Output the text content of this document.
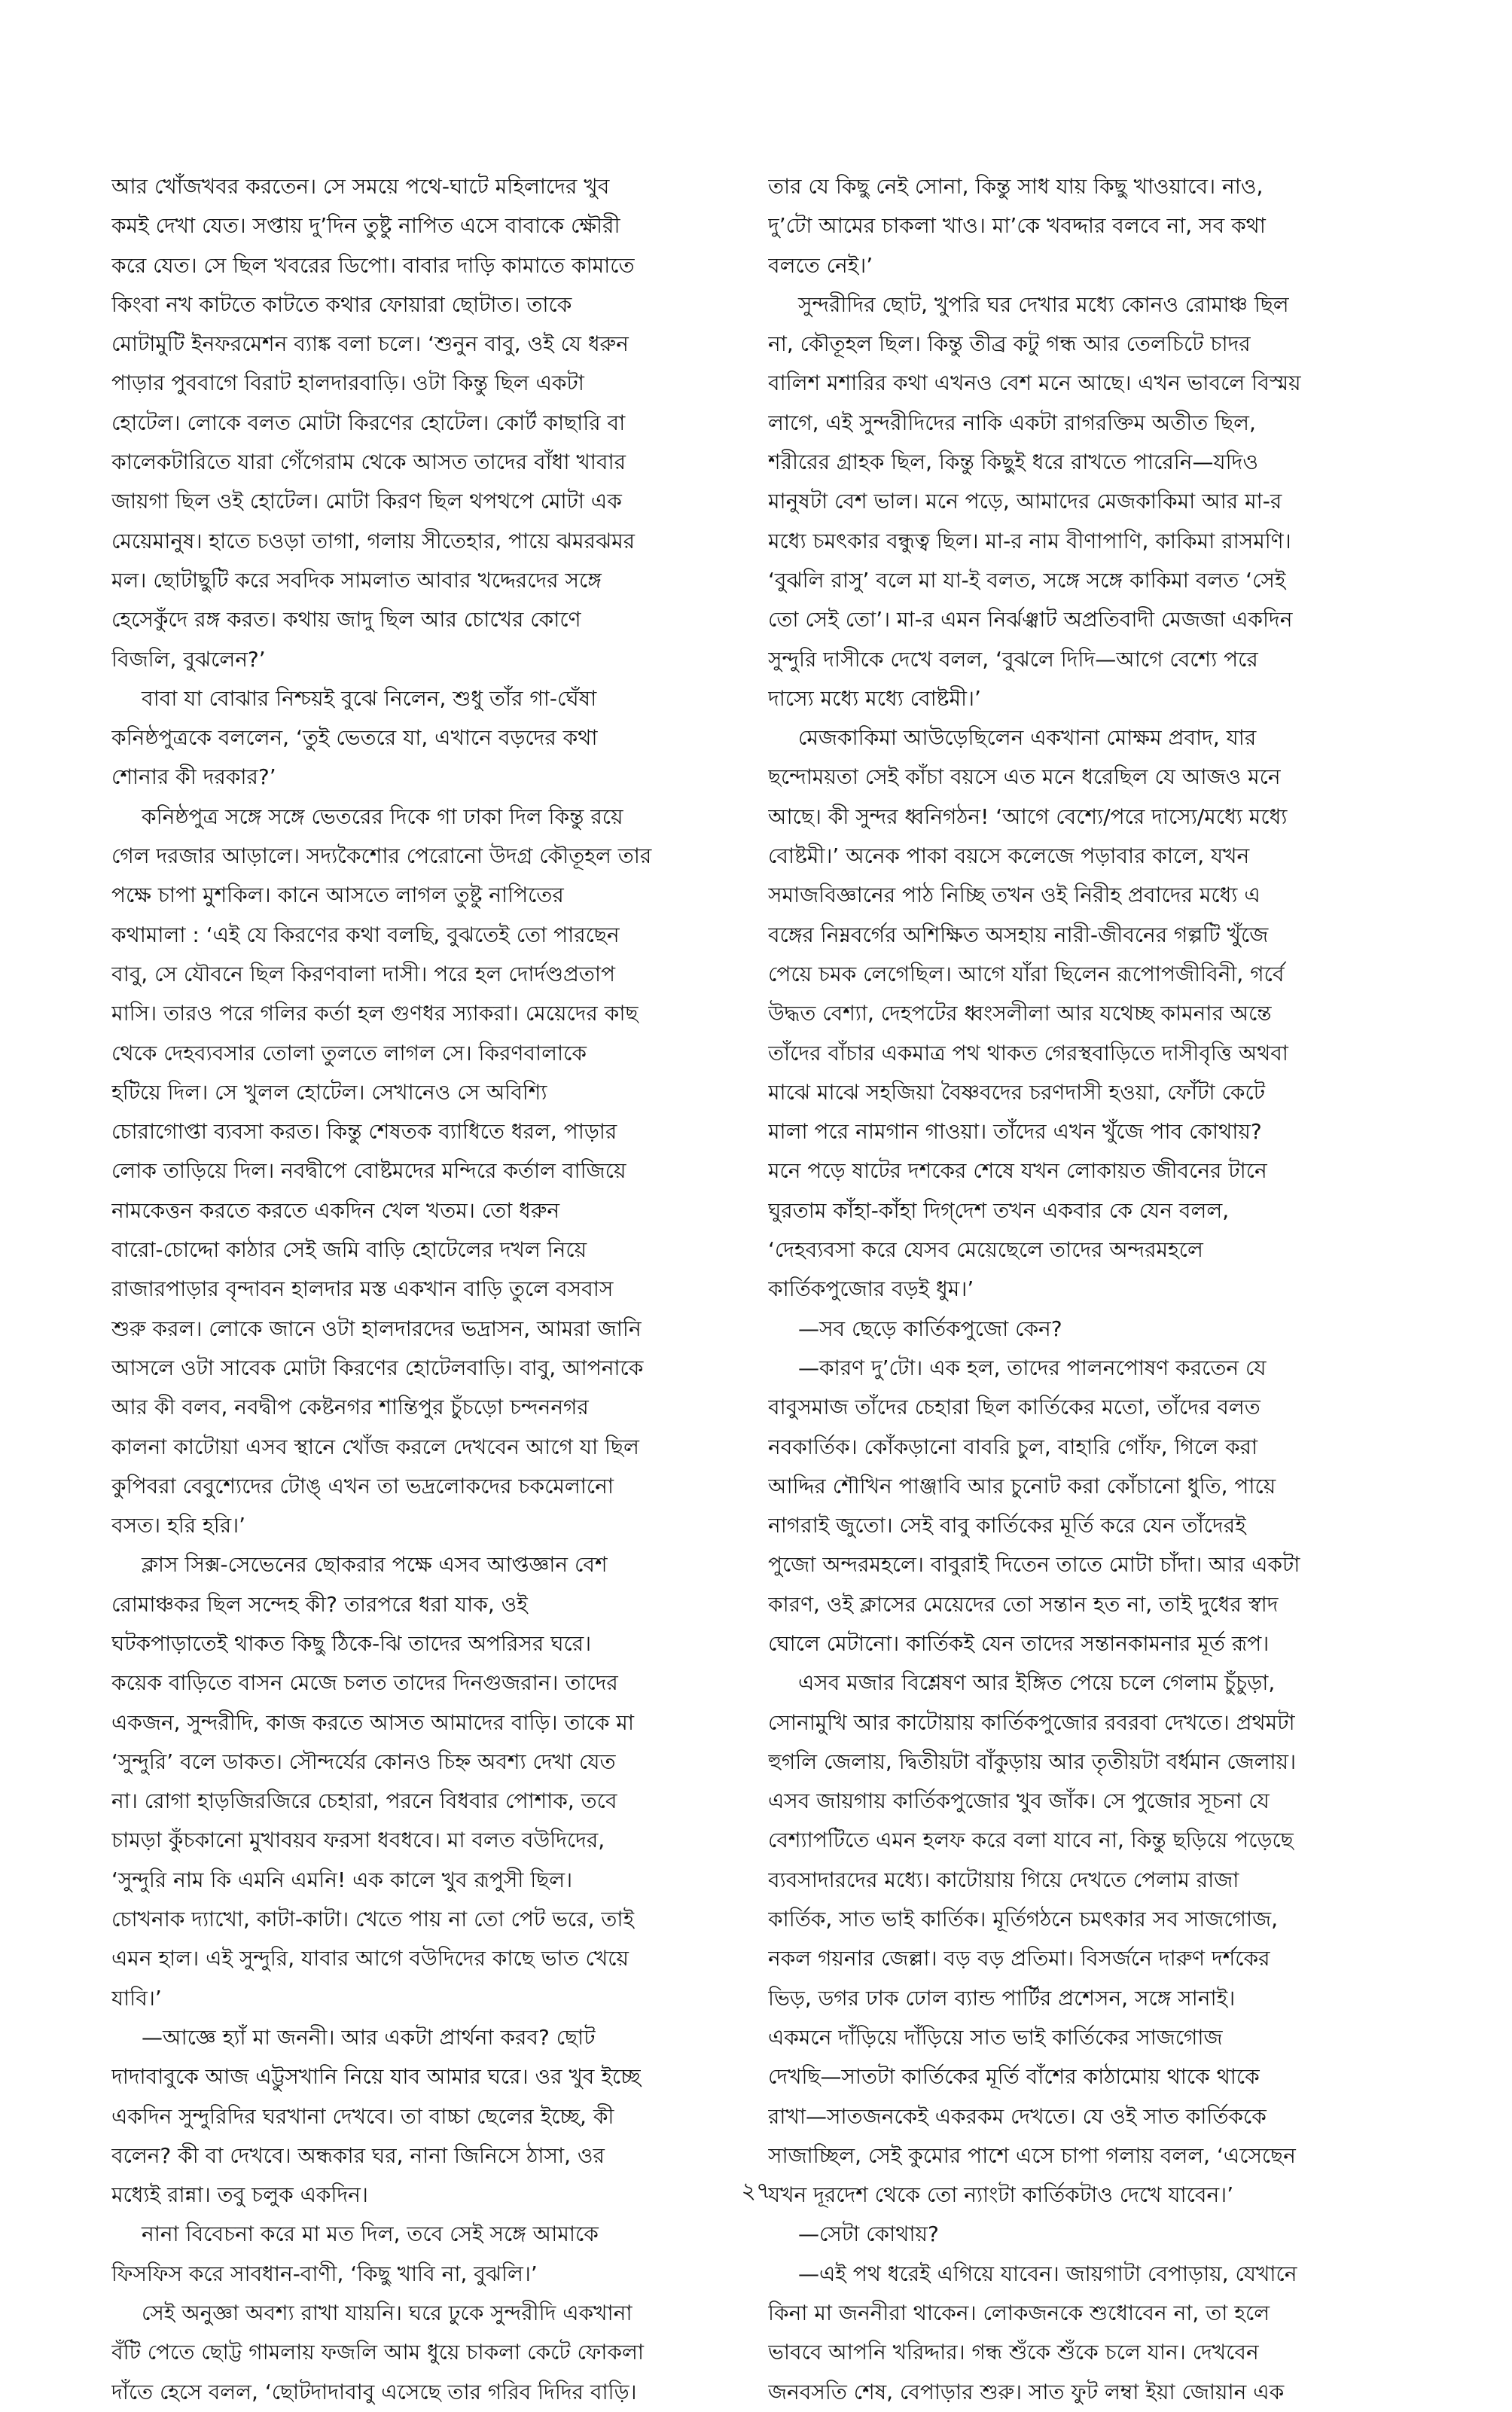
আর খোঁজখবর করতেন। সে সময়ে পথে-ঘাটে মহিলাদের খুব
কমই দেখা যেত। সপ্তায় দু’দিন তুষ্টু নাপিত এসে বাবাকে ক্ষৌরী
করে যেত। সে ছিল খবরের ডিপো। বাবার দাড়ি কামাতে কামাতে
কিংবা নখ কাটতে কাটতে কথার ফোয়ারা ছোটাত। তাকে
মোটামুটি ইনফরমেশন ব্যাঙ্ক বলা চলে। ‘শুনুন বাবু, ওই যে ধরুন
পাড়ার পুববাগে বিরাট হালদারবাড়ি। ওটা কিন্তু ছিল একটা
হোটেল। লোকে বলত মোটা কিরণের হোটেল। কোর্ট কাছারি বা
কালেকটারিতে যারা গেঁগেরাম থেকে আসত তাদের বাঁধা খাবার
জায়গা ছিল ওই হোটেল। মোটা কিরণ ছিল থপথপে মোটা এক
মেয়েমানুষ। হাতে চওড়া তাগা, গলায় সীতেহার, পায়ে ঝমরঝমর
মল। ছোটাছুটি করে সবদিক সামলাত আবার খদ্দেরদের সঙ্গে
হেসেকুঁদে রঙ্গ করত। কথায় জাদু ছিল আর চোখের কোণে
বিজলি, বুঝলেন?’
বাবা যা বোঝার নিশ্চয়ই বুঝে নিলেন, শুধু তাঁর গা-ঘেঁষা
কনিষ্ঠপুত্রকে বললেন, ‘তুই ভেতরে যা, এখানে বড়দের কথা
শোনার কী দরকার?’
কনিষ্ঠপুত্র সঙ্গে সঙ্গে ভেতরের দিকে গা ঢাকা দিল কিন্তু রয়ে
গেল দরজার আড়ালে। সদ্যকৈশোর পেরোনো উদগ্র কৌতূহল তার
পক্ষে চাপা মুশকিল। কানে আসতে লাগল তুষ্টু নাপিতের
কথামালা : ‘এই যে কিরণের কথা বলছি, বুঝতেই তো পারছেন
বাবু, সে যৌবনে ছিল কিরণবালা দাসী। পরে হল দোর্দণ্ডপ্রতাপ
মাসি। তারও পরে গলির কর্তা হল গুণধর স্যাকরা। মেয়েদের কাছ
থেকে দেহব্যবসার তোলা তুলতে লাগল সে। কিরণবালাকে
হটিয়ে দিল। সে খুলল হোটেল। সেখানেও সে অবিশ্যি
চোরাগোপ্তা ব্যবসা করত। কিন্তু শেষতক ব্যাধিতে ধরল, পাড়ার
লোক তাড়িয়ে দিল। নবদ্বীপে বোষ্টমদের মন্দিরে কর্তাল বাজিয়ে
নামকেত্তন করতে করতে একদিন খেল খতম। তো ধরুন
বারো-চোদ্দো কাঠার সেই জমি বাড়ি হোটেলের দখল নিয়ে
রাজারপাড়ার বৃন্দাবন হালদার মস্ত একখান বাড়ি তুলে বসবাস
শুরু করল। লোকে জানে ওটা হালদারদের ভদ্রাসন, আমরা জানি
আসলে ওটা সাবেক মোটা কিরণের হোটেলবাড়ি। বাবু, আপনাকে
আর কী বলব, নবদ্বীপ কেষ্টনগর শান্তিপুর চুঁচড়ো চন্দননগর
কালনা কাটোয়া এসব স্থানে খোঁজ করলে দেখবেন আগে যা ছিল
কুপিবরা বেবুশ্যেদের টোঙ্‌ এখন তা ভদ্রলোকদের চকমেলানো
বসত। হরি হরি।’
ক্লাস সিক্স-সেভেনের ছোকরার পক্ষে এসব আপ্তজ্ঞান বেশ
রোমাঞ্চকর ছিল সন্দেহ কী? তারপরে ধরা যাক, ওই
ঘটকপাড়াতেই থাকত কিছু ঠিকে-ঝি তাদের অপরিসর ঘরে।
কয়েক বাড়িতে বাসন মেজে চলত তাদের দিনগুজরান। তাদের
একজন, সুন্দরীদি, কাজ করতে আসত আমাদের বাড়ি। তাকে মা
‘সুন্দুরি’ বলে ডাকত। সৌন্দর্যের কোনও চিহ্ন অবশ্য দেখা যেত
না। রোগা হাড়জিরজিরে চেহারা, পরনে বিধবার পোশাক, তবে
চামড়া কুঁচকানো মুখাবয়ব ফরসা ধবধবে। মা বলত বউদিদের,
‘সুন্দুরি নাম কি এমনি এমনি! এক কালে খুব রূপুসী ছিল।
চোখনাক দ্যাখো, কাটা-কাটা। খেতে পায় না তো পেট ভরে, তাই
এমন হাল। এই সুন্দুরি, যাবার আগে বউদিদের কাছে ভাত খেয়ে
যাবি।’
—আজ্ঞে হ্যাঁ মা জননী। আর একটা প্রার্থনা করব? ছোট
দাদাবাবুকে আজ এট্টুসখানি নিয়ে যাব আমার ঘরে। ওর খুব ইচ্ছে
একদিন সুন্দুরিদির ঘরখানা দেখবে। তা বাচ্চা ছেলের ইচ্ছে, কী
বলেন? কী বা দেখবে। অন্ধকার ঘর, নানা জিনিসে ঠাসা, ওর
মধ্যেই রান্না। তবু চলুক একদিন।
নানা বিবেচনা করে মা মত দিল, তবে সেই সঙ্গে আমাকে
ফিসফিস করে সাবধান-বাণী, ‘কিছু খাবি না, বুঝলি।’
সেই অনুজ্ঞা অবশ্য রাখা যায়নি। ঘরে ঢুকে সুন্দরীদি একখানা
বঁটি পেতে ছোট্ট গামলায় ফজলি আম ধুয়ে চাকলা কেটে ফোকলা
দাঁতে হেসে বলল, ‘ছোটদাদাবাবু এসেছে তার গরিব দিদির বাড়ি।
তার যে কিছু নেই সোনা, কিন্তু সাধ যায় কিছু খাওয়াবে। নাও,
দু’টো আমের চাকলা খাও। মা’কে খবদ্দার বলবে না, সব কথা
বলতে নেই।’
সুন্দরীদির ছোট, খুপরি ঘর দেখার মধ্যে কোনও রোমাঞ্চ ছিল
না, কৌতূহল ছিল। কিন্তু তীব্র কটু গন্ধ আর তেলচিটে চাদর
বালিশ মশারির কথা এখনও বেশ মনে আছে। এখন ভাবলে বিস্ময়
লাগে, এই সুন্দরীদিদের নাকি একটা রাগরক্তিম অতীত ছিল,
শরীরের গ্রাহক ছিল, কিন্তু কিছুই ধরে রাখতে পারেনি—যদিও
মানুষটা বেশ ভাল। মনে পড়ে, আমাদের মেজকাকিমা আর মা-র
মধ্যে চমৎকার বন্ধুত্ব ছিল। মা-র নাম বীণাপাণি, কাকিমা রাসমণি।
‘বুঝলি রাসু’ বলে মা যা-ই বলত, সঙ্গে সঙ্গে কাকিমা বলত ‘সেই
তো সেই তো’। মা-র এমন নির্ঝঞ্ঝাট অপ্রতিবাদী মেজজা একদিন
সুন্দুরি দাসীকে দেখে বলল, ‘বুঝলে দিদি—আগে বেশ্যে পরে
দাস্যে মধ্যে মধ্যে বোষ্টমী।’
মেজকাকিমা আউড়েছিলেন একখানা মোক্ষম প্রবাদ, যার
ছন্দোময়তা সেই কাঁচা বয়সে এত মনে ধরেছিল যে আজও মনে
আছে। কী সুন্দর ধ্বনিগঠন! ‘আগে বেশ্যে/পরে দাস্যে/মধ্যে মধ্যে
বোষ্টমী।’ অনেক পাকা বয়সে কলেজে পড়াবার কালে, যখন
সমাজবিজ্ঞানের পাঠ নিচ্ছি তখন ওই নিরীহ প্রবাদের মধ্যে এ
বঙ্গের নিম্নবর্গের অশিক্ষিত অসহায় নারী-জীবনের গল্পটি খুঁজে
পেয়ে চমক লেগেছিল। আগে যাঁরা ছিলেন রূপোপজীবিনী, গর্বে
উদ্ধত বেশ্যা, দেহপটের ধ্বংসলীলা আর যথেচ্ছ কামনার অন্তে
তাঁদের বাঁচার একমাত্র পথ থাকত গেরস্থবাড়িতে দাসীবৃত্তি অথবা
মাঝে মাঝে সহজিয়া বৈষ্ণবদের চরণদাসী হওয়া, ফোঁটা কেটে
মালা পরে নামগান গাওয়া। তাঁদের এখন খুঁজে পাব কোথায়?
মনে পড়ে ষাটের দশকের শেষে যখন লোকায়ত জীবনের টানে
ঘুরতাম কাঁহা-কাঁহা দিগ্‌দেশ তখন একবার কে যেন বলল,
‘দেহব্যবসা করে যেসব মেয়েছেলে তাদের অন্দরমহলে
কার্তিকপুজোর বড়ই ধুম।’
—সব ছেড়ে কার্তিকপুজো কেন?
—কারণ দু’টো। এক হল, তাদের পালনপোষণ করতেন যে
বাবুসমাজ তাঁদের চেহারা ছিল কার্তিকের মতো, তাঁদের বলত
নবকার্তিক। কোঁকড়ানো বাবরি চুল, বাহারি গোঁফ, গিলে করা
আদ্দির শৌখিন পাঞ্জাবি আর চুনোট করা কোঁচানো ধুতি, পায়ে
নাগরাই জুতো। সেই বাবু কার্তিকের মূর্তি করে যেন তাঁদেরই
পুজো অন্দরমহলে। বাবুরাই দিতেন তাতে মোটা চাঁদা। আর একটা
কারণ, ওই ক্লাসের মেয়েদের তো সন্তান হত না, তাই দুধের স্বাদ
ঘোলে মেটানো। কার্তিকই যেন তাদের সন্তানকামনার মূর্ত রূপ।
এসব মজার বিশ্লেষণ আর ইঙ্গিত পেয়ে চলে গেলাম চুঁচুড়া,
সোনামুখি আর কাটোয়ায় কার্তিকপুজোর রবরবা দেখতে। প্রথমটা
হুগলি জেলায়, দ্বিতীয়টা বাঁকুড়ায় আর তৃতীয়টা বর্ধমান জেলায়।
এসব জায়গায় কার্তিকপুজোর খুব জাঁক। সে পুজোর সূচনা যে
বেশ্যাপটিতে এমন হলফ করে বলা যাবে না, কিন্তু ছড়িয়ে পড়েছে
ব্যবসাদারদের মধ্যে। কাটোয়ায় গিয়ে দেখতে পেলাম রাজা
কার্তিক, সাত ভাই কার্তিক। মূর্তিগঠনে চমৎকার সব সাজগোজ,
নকল গয়নার জেল্লা। বড় বড় প্রতিমা। বিসর্জনে দারুণ দর্শকের
ভিড়, ডগর ঢাক ঢোল ব্যান্ড পার্টির প্রশেসন, সঙ্গে সানাই।
একমনে দাঁড়িয়ে দাঁড়িয়ে সাত ভাই কার্তিকের সাজগোজ
দেখছি—সাতটা কার্তিকের মূর্তি বাঁশের কাঠামোয় থাকে থাকে
রাখা—সাতজনকেই একরকম দেখতে। যে ওই সাত কার্তিককে
সাজাচ্ছিল, সেই কুমোর পাশে এসে চাপা গলায় বলল, ‘এসেছেন
যখন দূরদেশ থেকে তো ন্যাংটা কার্তিকটাও দেখে যাবেন।’
—সেটা কোথায়?
—এই পথ ধরেই এগিয়ে যাবেন। জায়গাটা বেপাড়ায়, যেখানে
কিনা মা জননীরা থাকেন। লোকজনকে শুধোবেন না, তা হলে
ভাববে আপনি খরিদ্দার। গন্ধ শুঁকে শুঁকে চলে যান। দেখবেন
জনবসতি শেষ, বেপাড়ার শুরু। সাত ফুট লম্বা ইয়া জোয়ান এক
২৭
